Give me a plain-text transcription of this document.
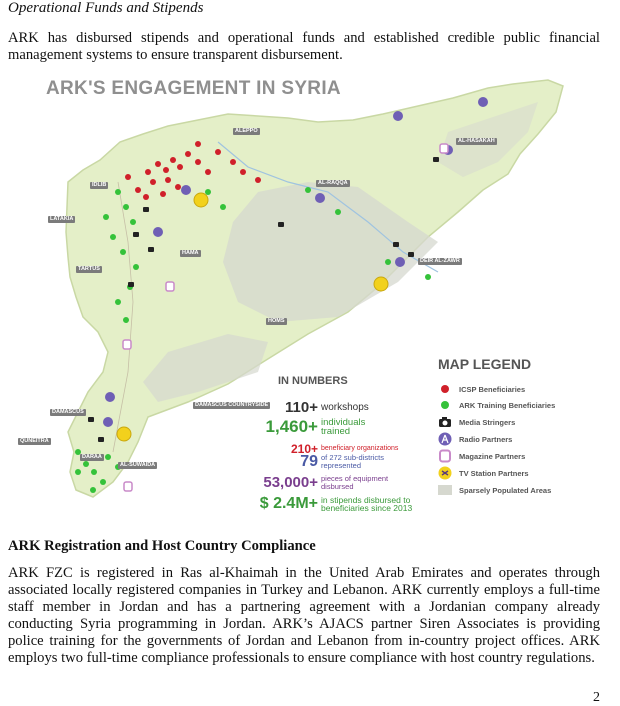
Operational Funds and Stipends
ARK has disbursed stipends and operational funds and established credible public financial management systems to ensure transparent disbursement.
ARK'S ENGAGEMENT IN SYRIA
ALEPPO
IDLIB
LATAKIA
HAMA
TARTUS
HOMS
AL-RAQQA
AL-HASAKAH
DEIR AL-ZAWR
DAMASCUS
DAMASCUS COUNTRYSIDE
QUNEITRA
DARAA
AL-SUWAIDA
IN NUMBERS
110+ workshops
1,460+ individuals trained
210+ beneficiary organizations
79 of 272 sub-districts represented
53,000+ pieces of equipment disbursed
$ 2.4M+ in stipends disbursed to beneficiaries since 2013
MAP LEGEND
ICSP Beneficiaries
ARK Training Beneficiaries
Media Stringers
Radio Partners
Magazine Partners
TV Station Partners
Sparsely Populated Areas
ARK Registration and Host Country Compliance
ARK FZC is registered in Ras al-Khaimah in the United Arab Emirates and operates through associated locally registered companies in Turkey and Lebanon. ARK currently employs a full-time staff member in Jordan and has a partnering agreement with a Jordanian company already conducting Syria programming in Jordan. ARK’s AJACS partner Siren Associates is providing police training for the governments of Jordan and Lebanon from in-country project offices. ARK employs two full-time compliance professionals to ensure compliance with host country regulations.
2
